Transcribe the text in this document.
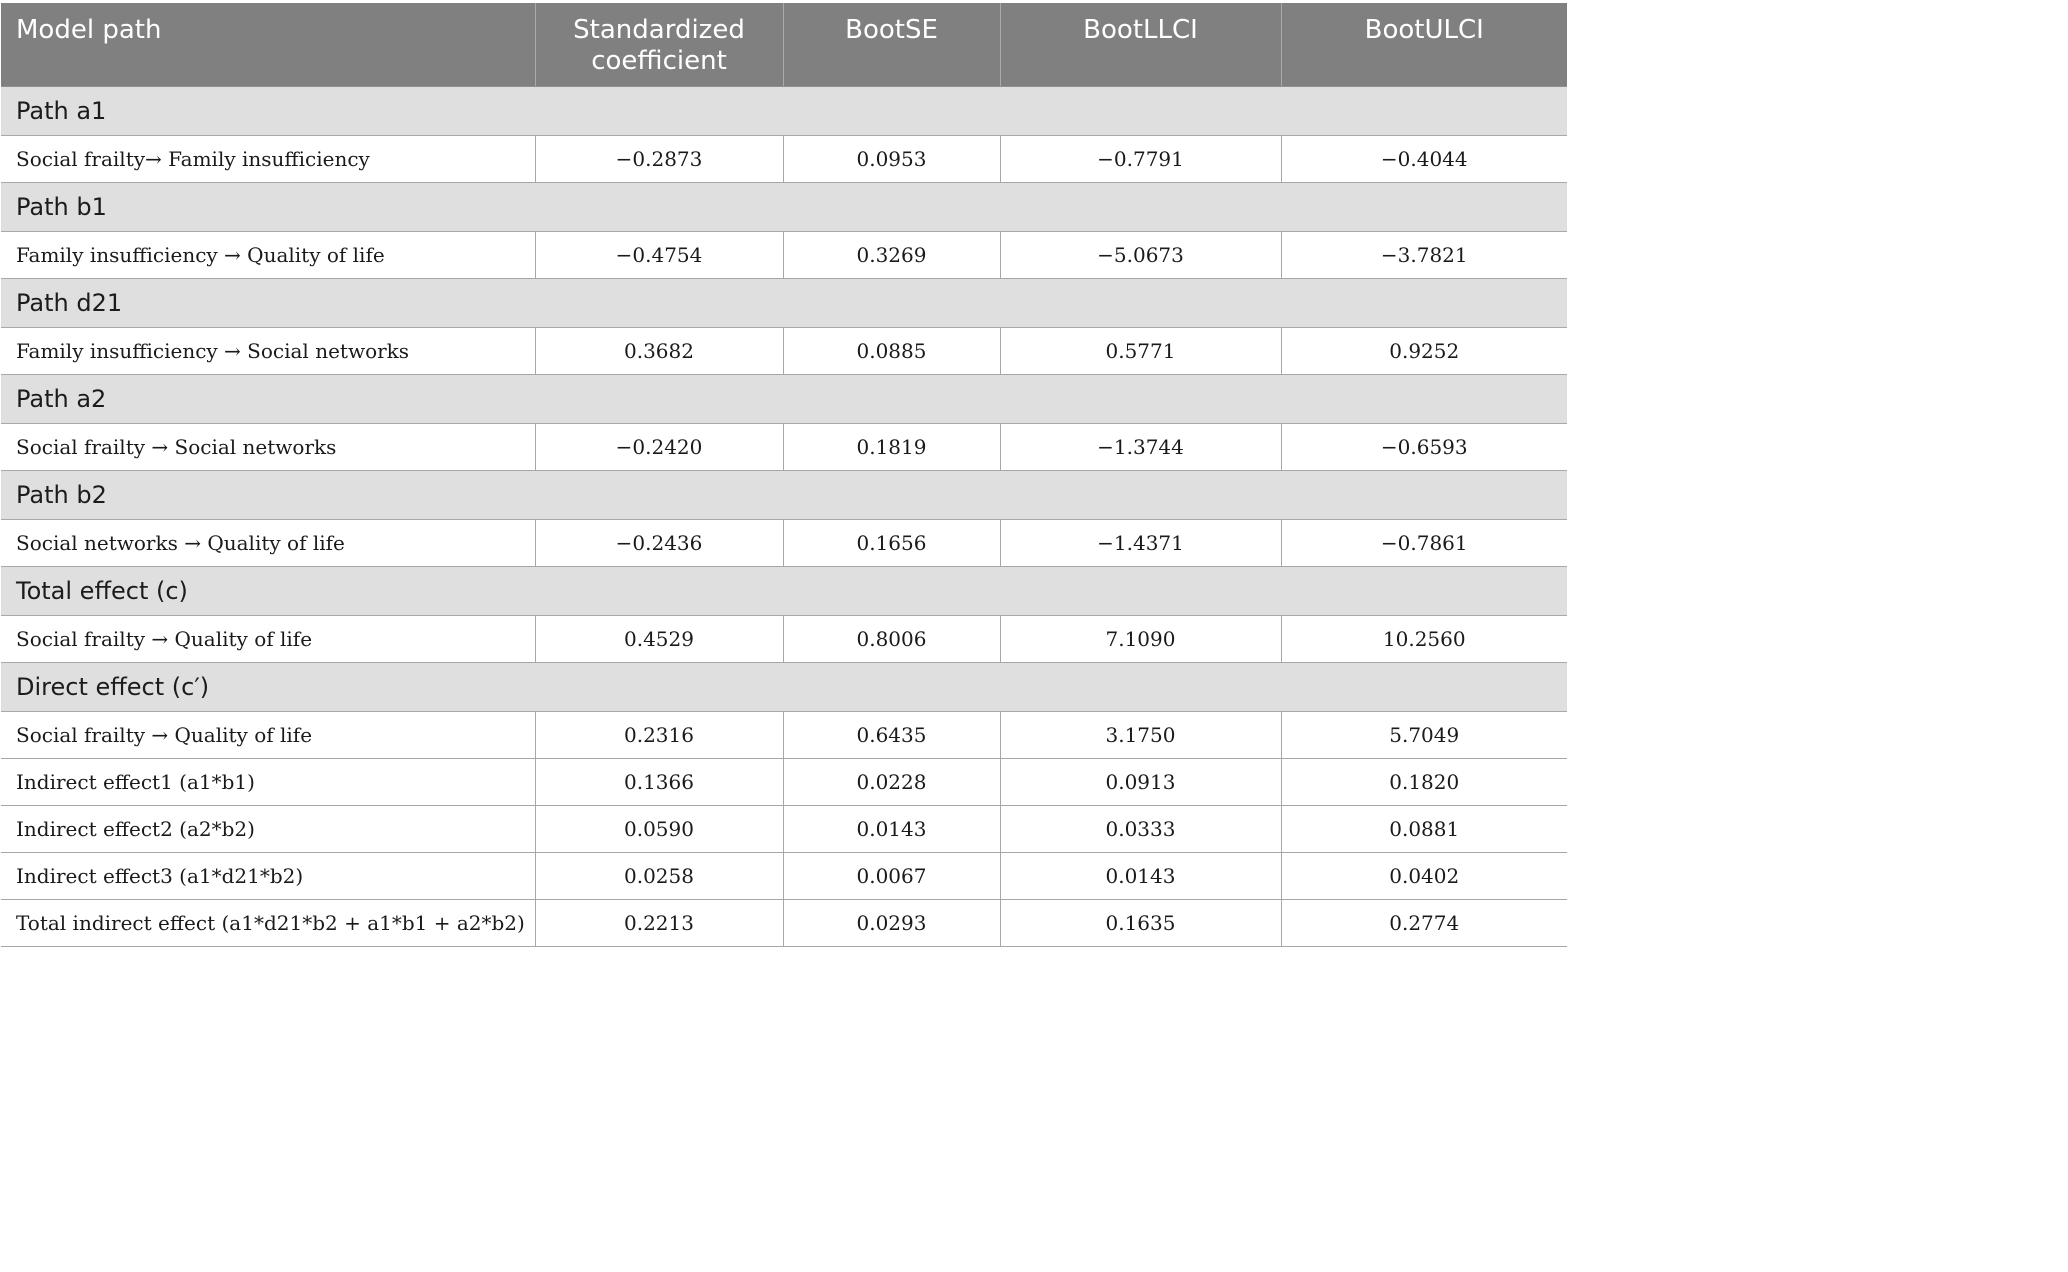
Model path	Standardized coefficient	BootSE	BootLLCI	BootULCI
Path a1				
Social frailty→ Family insufficiency	−0.2873	0.0953	−0.7791	−0.4044
Path b1				
Family insufficiency → Quality of life	−0.4754	0.3269	−5.0673	−3.7821
Path d21				
Family insufficiency → Social networks	0.3682	0.0885	0.5771	0.9252
Path a2				
Social frailty → Social networks	−0.2420	0.1819	−1.3744	−0.6593
Path b2				
Social networks → Quality of life	−0.2436	0.1656	−1.4371	−0.7861
Total effect (c)				
Social frailty → Quality of life	0.4529	0.8006	7.1090	10.2560
Direct effect (c′)				
Social frailty → Quality of life	0.2316	0.6435	3.1750	5.7049
Indirect effect1 (a1*b1)	0.1366	0.0228	0.0913	0.1820
Indirect effect2 (a2*b2)	0.0590	0.0143	0.0333	0.0881
Indirect effect3 (a1*d21*b2)	0.0258	0.0067	0.0143	0.0402
Total indirect effect (a1*d21*b2 + a1*b1 + a2*b2)	0.2213	0.0293	0.1635	0.2774
